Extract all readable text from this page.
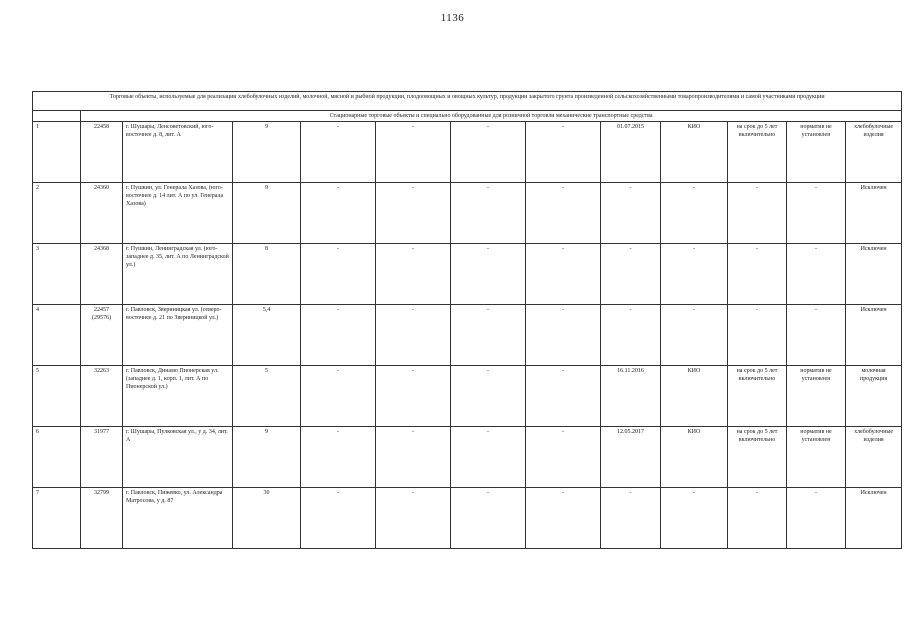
1136
Торговые объекты, используемые для реализации хлебобулочных изделий, молочной, мясной и рыбной продукции, плодоовощных и овощных культур, продукции закрытого грунта произведенной сельскохозяйственными товаропроизводителями и самой участниками продукции												
	Стационарные торговые объекты и специально оборудованные для розничной торговли механические транспортные средства											
1	22458	г. Шушары, Ленсоветовский, юго-восточнее д. 8, лит. А	9	-	-	-	-	01.07.2015	КИО	на срок до 5 лет включительно	норматив не установлен	хлебобулочные изделия
2	24360	г. Пушкин, ул. Генерала Хазова, (юго-восточнее д. 14 лит. А по ул. Генерала Хазова)	9	-	-	-	-	-	-	-	-	Исключен
3	24368	г. Пушкин, Ленинградская ул. (юго-западнее д. 35, лит. А по Ленинградской ул.)	8	-	-	-	-	-	-	-	-	Исключен
4	22457 (29576)	г. Павловск, Звериницкая ул. (северо-восточнее д. 21 по Звериницкой ул.)	5,4	-	-	-	-	-	-	-	-	Исключен
5	32263	г. Павловск, Динамо Пионерская ул. (западнее д. 1, корп. 1, лит. А по Пионерской ул.)	5	-	-	-	-	16.11.2016	КИО	на срок до 5 лет включительно	норматив не установлен	молочная продукция
6	31977	г. Шушары, Пулковская ул., у д. 34, лит. А	9	-	-	-	-	12.05.2017	КИО	на срок до 5 лет включительно	норматив не установлен	хлебобулочные изделия
7	32799	г. Павловск, Пижевко, ул. Александра Матросова, у д. 87	30	-	-	-	-	-	-	-	-	Исключен
